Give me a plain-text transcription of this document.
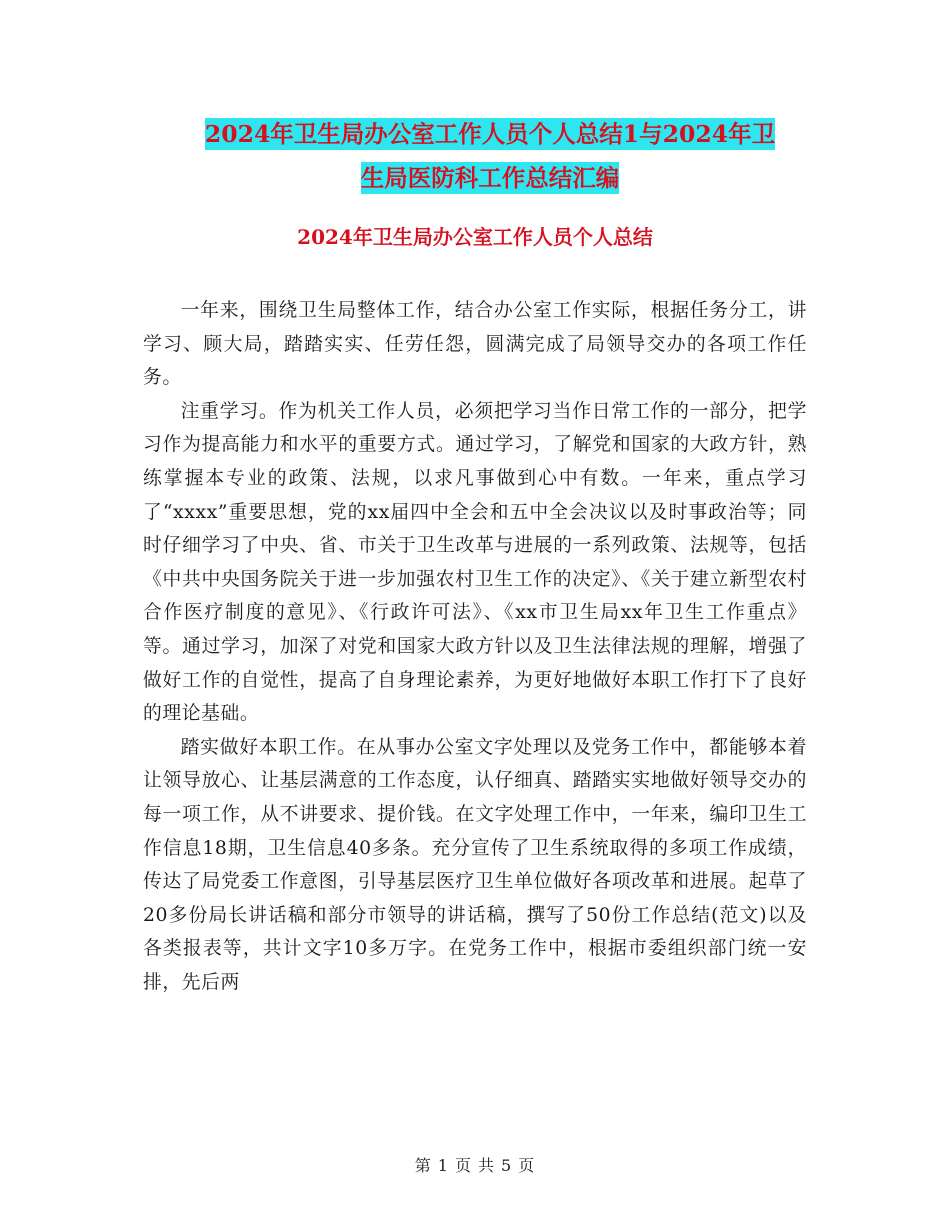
2024年卫生局办公室工作人员个人总结1与2024年卫
生局医防科工作总结汇编
2024年卫生局办公室工作人员个人总结

一年来，围绕卫生局整体工作，结合办公室工作实际，根据任务分工，讲学习、顾大局，踏踏实实、任劳任怨，圆满完成了局领导交办的各项工作任务。

注重学习。作为机关工作人员，必须把学习当作日常工作的一部分，把学习作为提高能力和水平的重要方式。通过学习，了解党和国家的大政方针，熟练掌握本专业的政策、法规，以求凡事做到心中有数。一年来，重点学习了“xxxx”重要思想，党的xx届四中全会和五中全会决议以及时事政治等；同时仔细学习了中央、省、市关于卫生改革与进展的一系列政策、法规等，包括《中共中央国务院关于进一步加强农村卫生工作的决定》、《关于建立新型农村合作医疗制度的意见》、《行政许可法》、《xx市卫生局xx年卫生工作重点》等。通过学习，加深了对党和国家大政方针以及卫生法律法规的理解，增强了做好工作的自觉性，提高了自身理论素养，为更好地做好本职工作打下了良好的理论基础。

踏实做好本职工作。在从事办公室文字处理以及党务工作中，都能够本着让领导放心、让基层满意的工作态度，认仔细真、踏踏实实地做好领导交办的每一项工作，从不讲要求、提价钱。在文字处理工作中，一年来，编印卫生工作信息18期，卫生信息40多条。充分宣传了卫生系统取得的多项工作成绩，传达了局党委工作意图，引导基层医疗卫生单位做好各项改革和进展。起草了20多份局长讲话稿和部分市领导的讲话稿，撰写了50份工作总结(范文)以及各类报表等，共计文字10多万字。在党务工作中，根据市委组织部门统一安排，先后两

第 1 页 共 5 页
